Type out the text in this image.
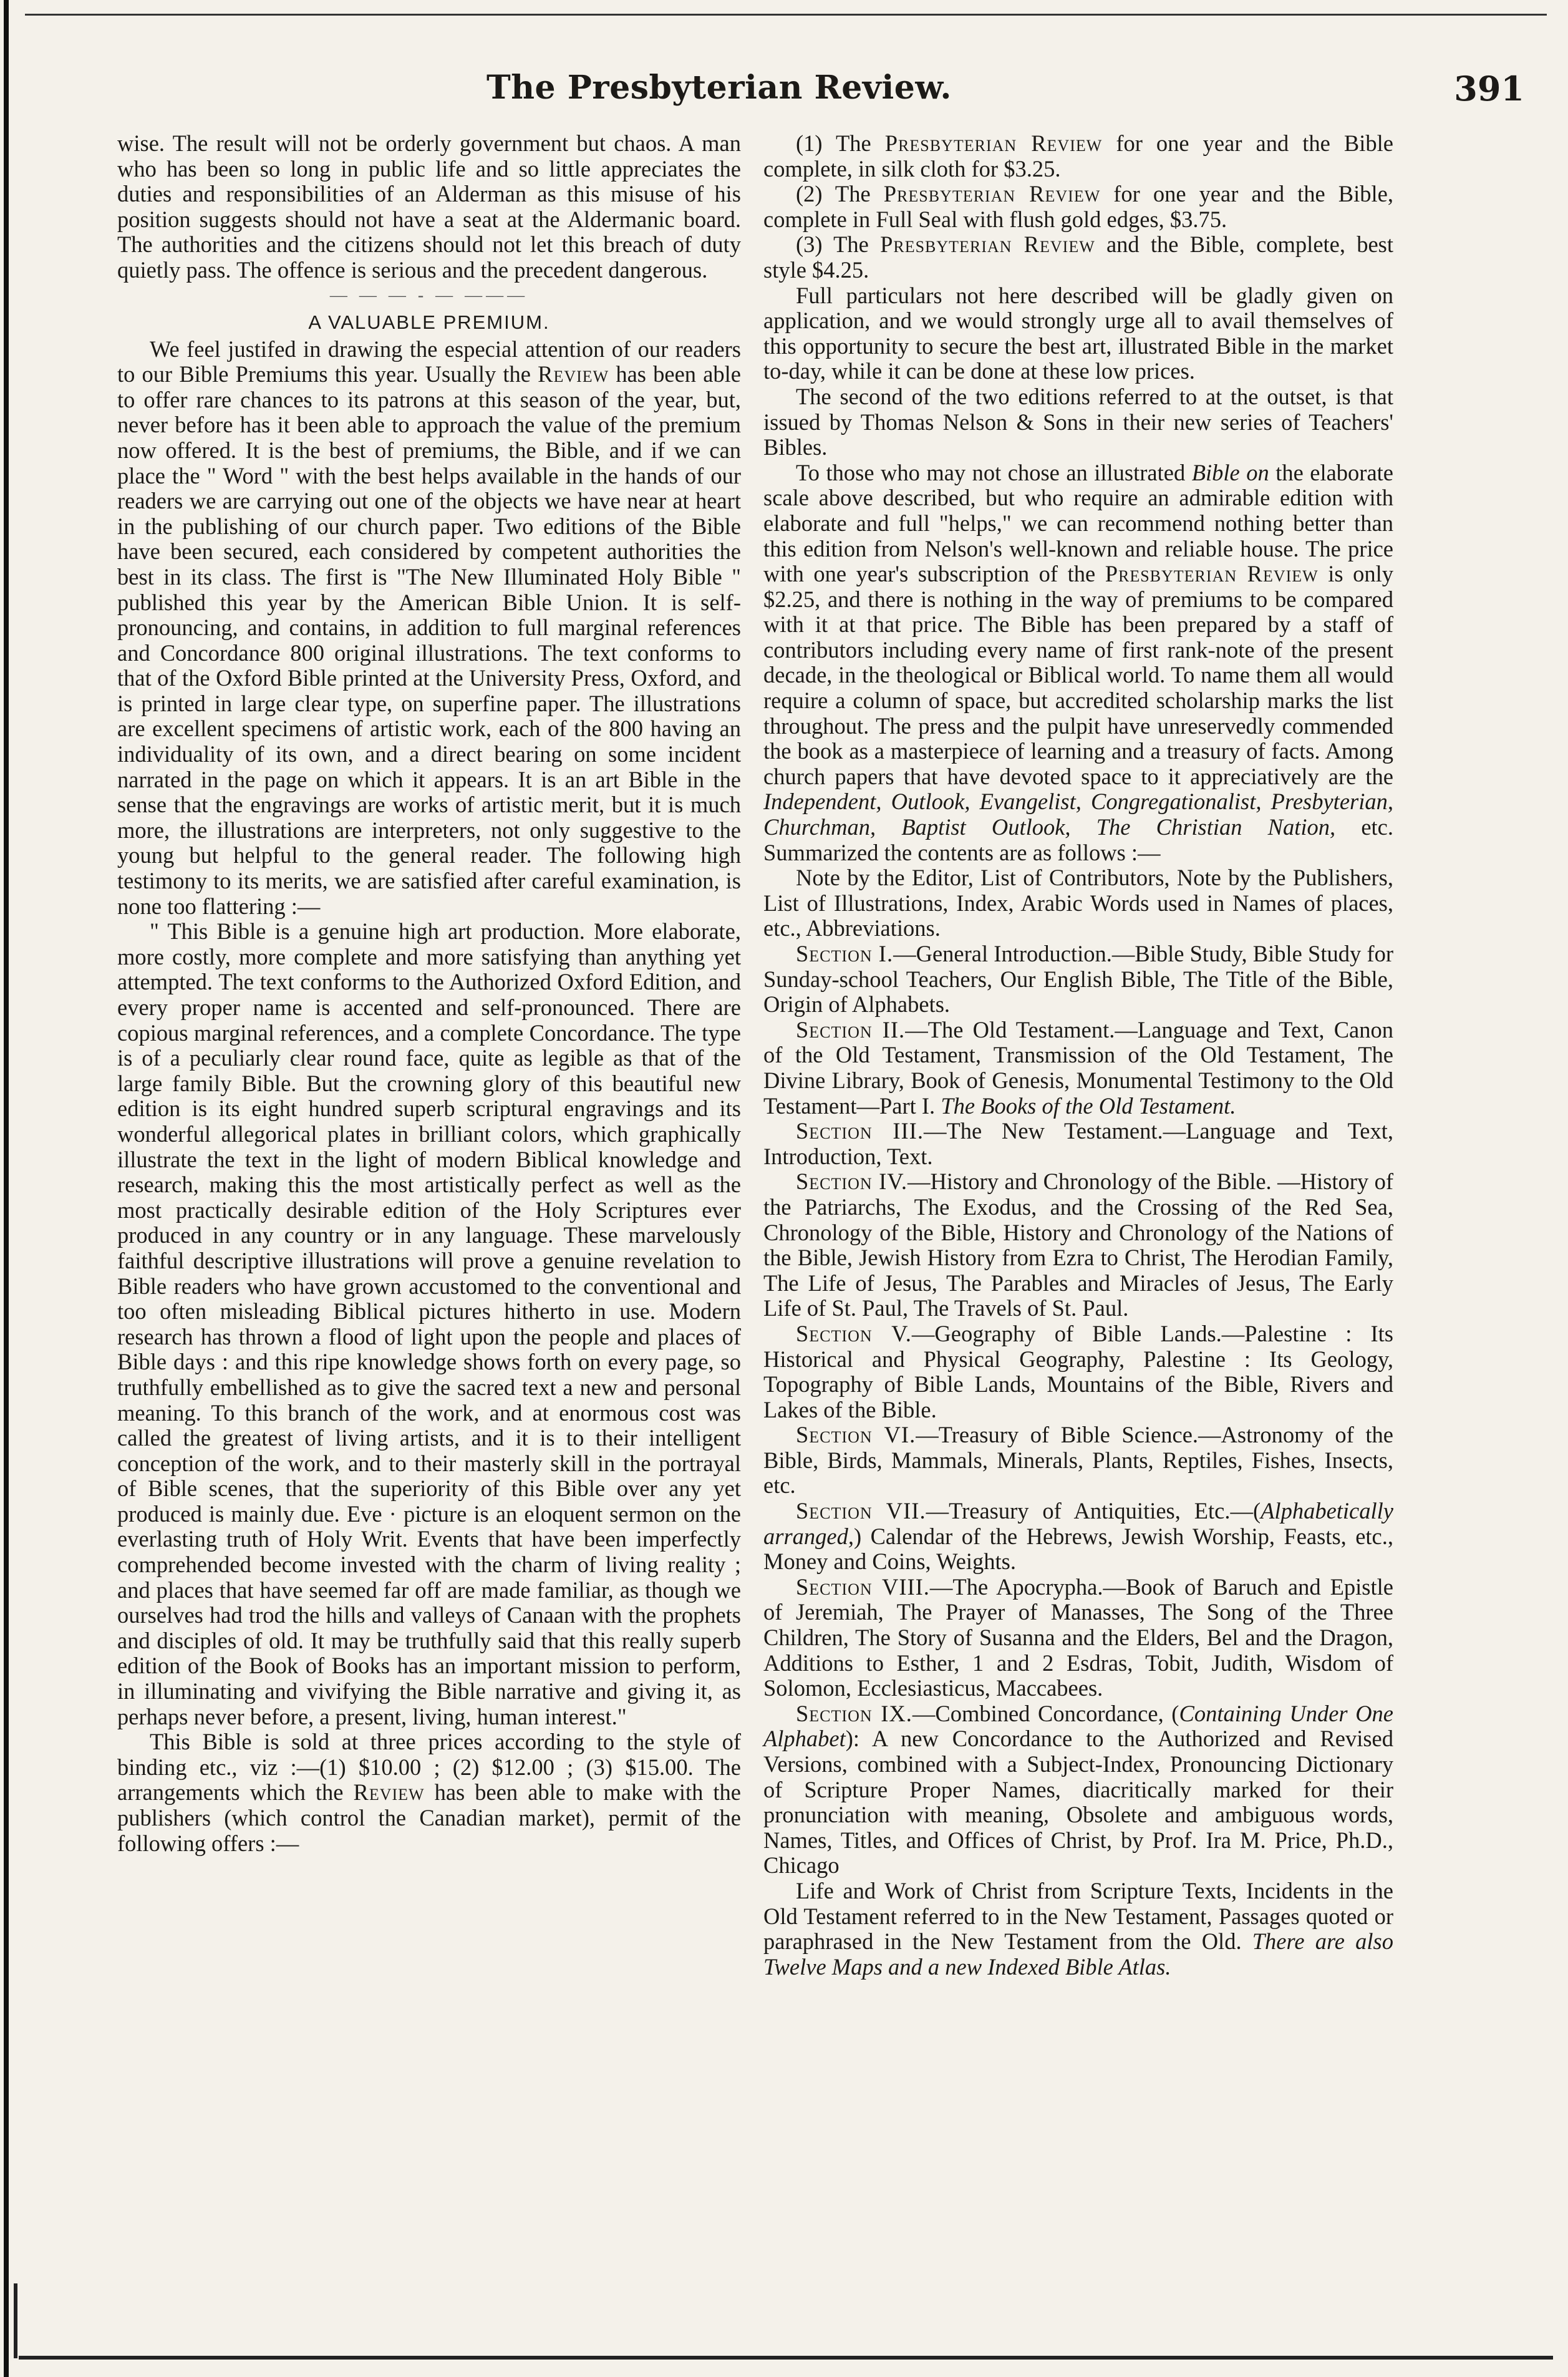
The Presbyterian Review.	391

wise. The result will not be orderly government but chaos. A man who has been so long in public life and so little appreciates the duties and responsibilities of an Alderman as this misuse of his position suggests should not have a seat at the Aldermanic board. The authorities and the citizens should not let this breach of duty quietly pass. The offence is serious and the precedent dangerous.

— — — - — ———
A VALUABLE PREMIUM.

We feel justifed in drawing the especial attention of our readers to our Bible Premiums this year. Usually the Review has been able to offer rare chances to its patrons at this season of the year, but, never before has it been able to approach the value of the premium now offered. It is the best of premiums, the Bible, and if we can place the " Word " with the best helps available in the hands of our readers we are carrying out one of the objects we have near at heart in the publishing of our church paper. Two editions of the Bible have been secured, each considered by competent authorities the best in its class. The first is "The New Illuminated Holy Bible " published this year by the American Bible Union. It is self-pronouncing, and contains, in addition to full marginal references and Concordance 800 original illustrations. The text conforms to that of the Oxford Bible printed at the University Press, Oxford, and is printed in large clear type, on superfine paper. The illustrations are excellent specimens of artistic work, each of the 800 having an individuality of its own, and a direct bearing on some incident narrated in the page on which it appears. It is an art Bible in the sense that the engravings are works of artistic merit, but it is much more, the illustrations are interpreters, not only suggestive to the young but helpful to the general reader. The following high testimony to its merits, we are satisfied after careful examination, is none too flattering :—

" This Bible is a genuine high art production. More elaborate, more costly, more complete and more satisfying than anything yet attempted. The text conforms to the Authorized Oxford Edition, and every proper name is accented and self-pronounced. There are copious marginal references, and a complete Concordance. The type is of a peculiarly clear round face, quite as legible as that of the large family Bible. But the crowning glory of this beautiful new edition is its eight hundred superb scriptural engravings and its wonderful allegorical plates in brilliant colors, which graphically illustrate the text in the light of modern Biblical knowledge and research, making this the most artistically perfect as well as the most practically desirable edition of the Holy Scriptures ever produced in any country or in any language. These marvelously faithful descriptive illustrations will prove a genuine revelation to Bible readers who have grown accustomed to the conventional and too often misleading Biblical pictures hitherto in use. Modern research has thrown a flood of light upon the people and places of Bible days : and this ripe knowledge shows forth on every page, so truthfully embellished as to give the sacred text a new and personal meaning. To this branch of the work, and at enormous cost was called the greatest of living artists, and it is to their intelligent conception of the work, and to their masterly skill in the portrayal of Bible scenes, that the superiority of this Bible over any yet produced is mainly due. Eve · picture is an eloquent sermon on the everlasting truth of Holy Writ. Events that have been imperfectly comprehended become invested with the charm of living reality ; and places that have seemed far off are made familiar, as though we ourselves had trod the hills and valleys of Canaan with the prophets and disciples of old. It may be truthfully said that this really superb edition of the Book of Books has an important mission to perform, in illuminating and vivifying the Bible narrative and giving it, as perhaps never before, a present, living, human interest."

This Bible is sold at three prices according to the style of binding etc., viz :—(1) $10.00 ; (2) $12.00 ; (3) $15.00. The arrangements which the Review has been able to make with the publishers (which control the Canadian market), permit of the following offers :—

(1) The Presbyterian Review for one year and the Bible complete, in silk cloth for $3.25.

(2) The Presbyterian Review for one year and the Bible, complete in Full Seal with flush gold edges, $3.75.

(3) The Presbyterian Review and the Bible, complete, best style $4.25.

Full particulars not here described will be gladly given on application, and we would strongly urge all to avail themselves of this opportunity to secure the best art, illustrated Bible in the market to-day, while it can be done at these low prices.

The second of the two editions referred to at the outset, is that issued by Thomas Nelson & Sons in their new series of Teachers' Bibles.

To those who may not chose an illustrated Bible on the elaborate scale above described, but who require an admirable edition with elaborate and full "helps," we can recommend nothing better than this edition from Nelson's well-known and reliable house. The price with one year's subscription of the Presbyterian Review is only $2.25, and there is nothing in the way of premiums to be compared with it at that price. The Bible has been prepared by a staff of contributors including every name of first rank-note of the present decade, in the theological or Biblical world. To name them all would require a column of space, but accredited scholarship marks the list throughout. The press and the pulpit have unreservedly commended the book as a masterpiece of learning and a treasury of facts. Among church papers that have devoted space to it appreciatively are the Independent, Outlook, Evangelist, Congregationalist, Presbyterian, Churchman, Baptist Outlook, The Christian Nation, etc. Summarized the contents are as follows :—

Note by the Editor, List of Contributors, Note by the Publishers, List of Illustrations, Index, Arabic Words used in Names of places, etc., Abbreviations.

Section I.—General Introduction.—Bible Study, Bible Study for Sunday-school Teachers, Our English Bible, The Title of the Bible, Origin of Alphabets.

Section II.—The Old Testament.—Language and Text, Canon of the Old Testament, Transmission of the Old Testament, The Divine Library, Book of Genesis, Monumental Testimony to the Old Testament—Part I. The Books of the Old Testament.

Section III.—The New Testament.—Language and Text, Introduction, Text.

Section IV.—History and Chronology of the Bible. —History of the Patriarchs, The Exodus, and the Crossing of the Red Sea, Chronology of the Bible, History and Chronology of the Nations of the Bible, Jewish History from Ezra to Christ, The Herodian Family, The Life of Jesus, The Parables and Miracles of Jesus, The Early Life of St. Paul, The Travels of St. Paul.

Section V.—Geography of Bible Lands.—Palestine : Its Historical and Physical Geography, Palestine : Its Geology, Topography of Bible Lands, Mountains of the Bible, Rivers and Lakes of the Bible.

Section VI.—Treasury of Bible Science.—Astronomy of the Bible, Birds, Mammals, Minerals, Plants, Reptiles, Fishes, Insects, etc.

Section VII.—Treasury of Antiquities, Etc.—(Alphabetically arranged,) Calendar of the Hebrews, Jewish Worship, Feasts, etc., Money and Coins, Weights.

Section VIII.—The Apocrypha.—Book of Baruch and Epistle of Jeremiah, The Prayer of Manasses, The Song of the Three Children, The Story of Susanna and the Elders, Bel and the Dragon, Additions to Esther, 1 and 2 Esdras, Tobit, Judith, Wisdom of Solomon, Ecclesiasticus, Maccabees.

Section IX.—Combined Concordance, (Containing Under One Alphabet): A new Concordance to the Authorized and Revised Versions, combined with a Subject-Index, Pronouncing Dictionary of Scripture Proper Names, diacritically marked for their pronunciation with meaning, Obsolete and ambiguous words, Names, Titles, and Offices of Christ, by Prof. Ira M. Price, Ph.D., Chicago

Life and Work of Christ from Scripture Texts, Incidents in the Old Testament referred to in the New Testament, Passages quoted or paraphrased in the New Testament from the Old. There are also Twelve Maps and a new Indexed Bible Atlas.
